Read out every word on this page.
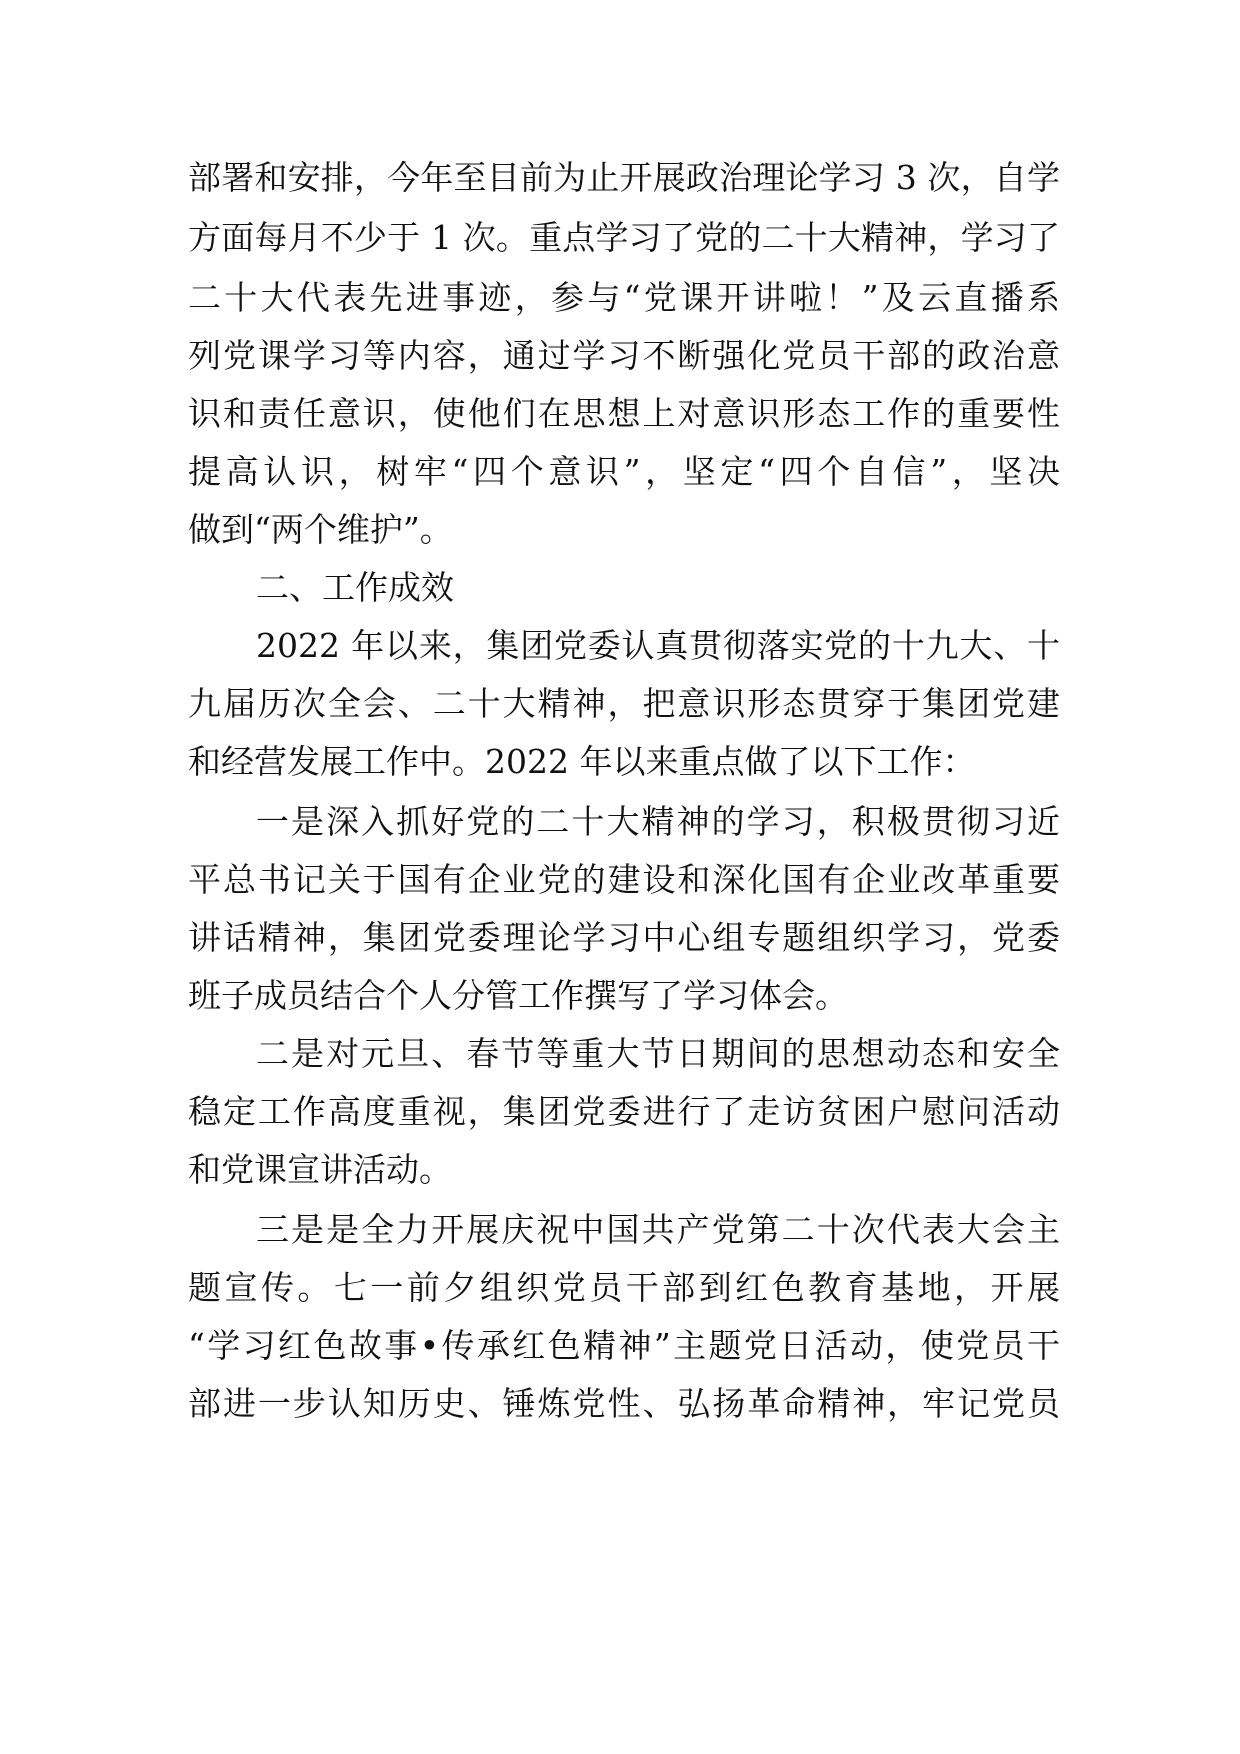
部署和安排，今年至目前为止开展政治理论学习 3 次，自学
方面每月不少于 1 次。重点学习了党的二十大精神，学习了
二十大代表先进事迹，参与“党课开讲啦！”及云直播系
列党课学习等内容，通过学习不断强化党员干部的政治意
识和责任意识，使他们在思想上对意识形态工作的重要性
提高认识，树牢“四个意识”，坚定“四个自信”，坚决
做到“两个维护”。
二、工作成效
2022 年以来，集团党委认真贯彻落实党的十九大、十
九届历次全会、二十大精神，把意识形态贯穿于集团党建
和经营发展工作中。2022 年以来重点做了以下工作：
一是深入抓好党的二十大精神的学习，积极贯彻习近
平总书记关于国有企业党的建设和深化国有企业改革重要
讲话精神，集团党委理论学习中心组专题组织学习，党委
班子成员结合个人分管工作撰写了学习体会。
二是对元旦、春节等重大节日期间的思想动态和安全
稳定工作高度重视，集团党委进行了走访贫困户慰问活动
和党课宣讲活动。
三是是全力开展庆祝中国共产党第二十次代表大会主
题宣传。七一前夕组织党员干部到红色教育基地，开展
“学习红色故事•传承红色精神”主题党日活动，使党员干
部进一步认知历史、锤炼党性、弘扬革命精神，牢记党员
